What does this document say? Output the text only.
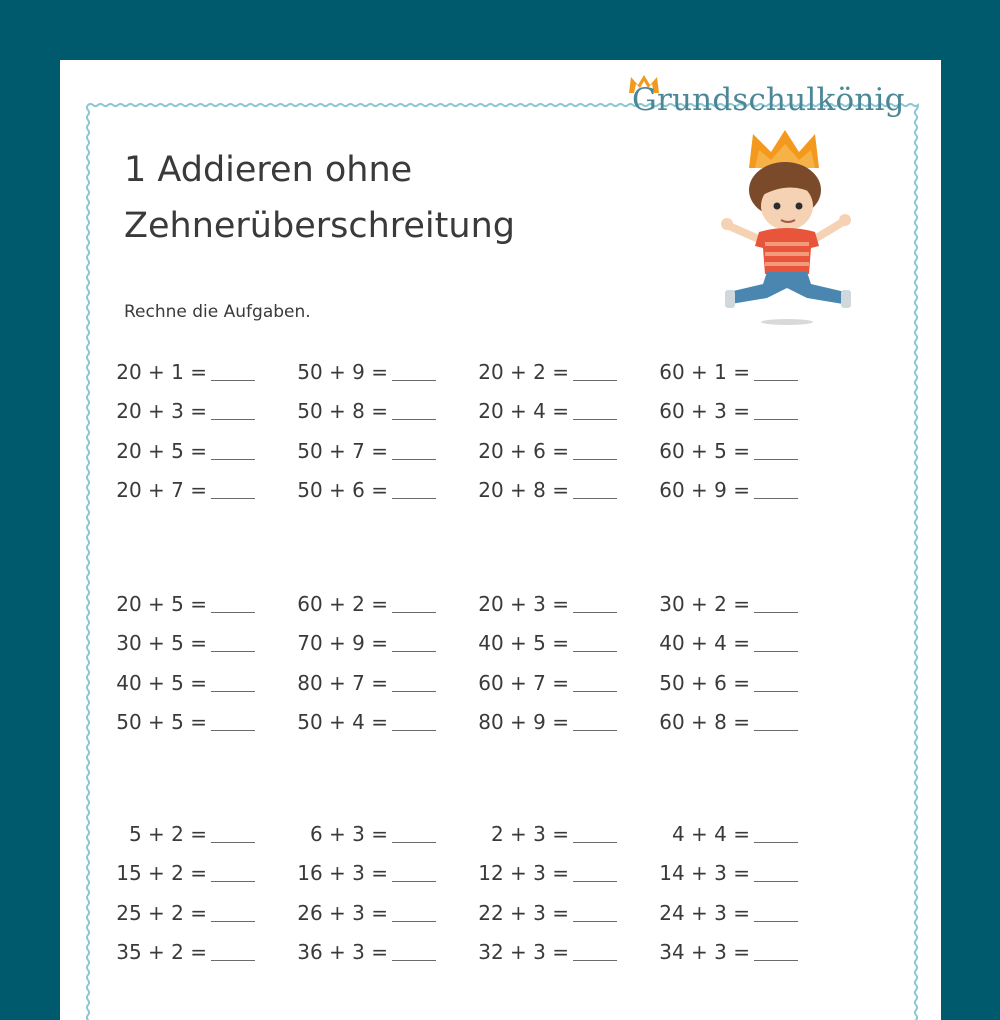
Grundschulkönig
1 Addieren ohne
Zehnerüberschreitung
Rechne die Aufgaben.
20 + 1 =
20 + 3 =
20 + 5 =
20 + 7 =
50 + 9 =
50 + 8 =
50 + 7 =
50 + 6 =
20 + 2 =
20 + 4 =
20 + 6 =
20 + 8 =
60 + 1 =
60 + 3 =
60 + 5 =
60 + 9 =
20 + 5 =
30 + 5 =
40 + 5 =
50 + 5 =
60 + 2 =
70 + 9 =
80 + 7 =
50 + 4 =
20 + 3 =
40 + 5 =
60 + 7 =
80 + 9 =
30 + 2 =
40 + 4 =
50 + 6 =
60 + 8 =
5 + 2 =
15 + 2 =
25 + 2 =
35 + 2 =
6 + 3 =
16 + 3 =
26 + 3 =
36 + 3 =
2 + 3 =
12 + 3 =
22 + 3 =
32 + 3 =
4 + 4 =
14 + 3 =
24 + 3 =
34 + 3 =
